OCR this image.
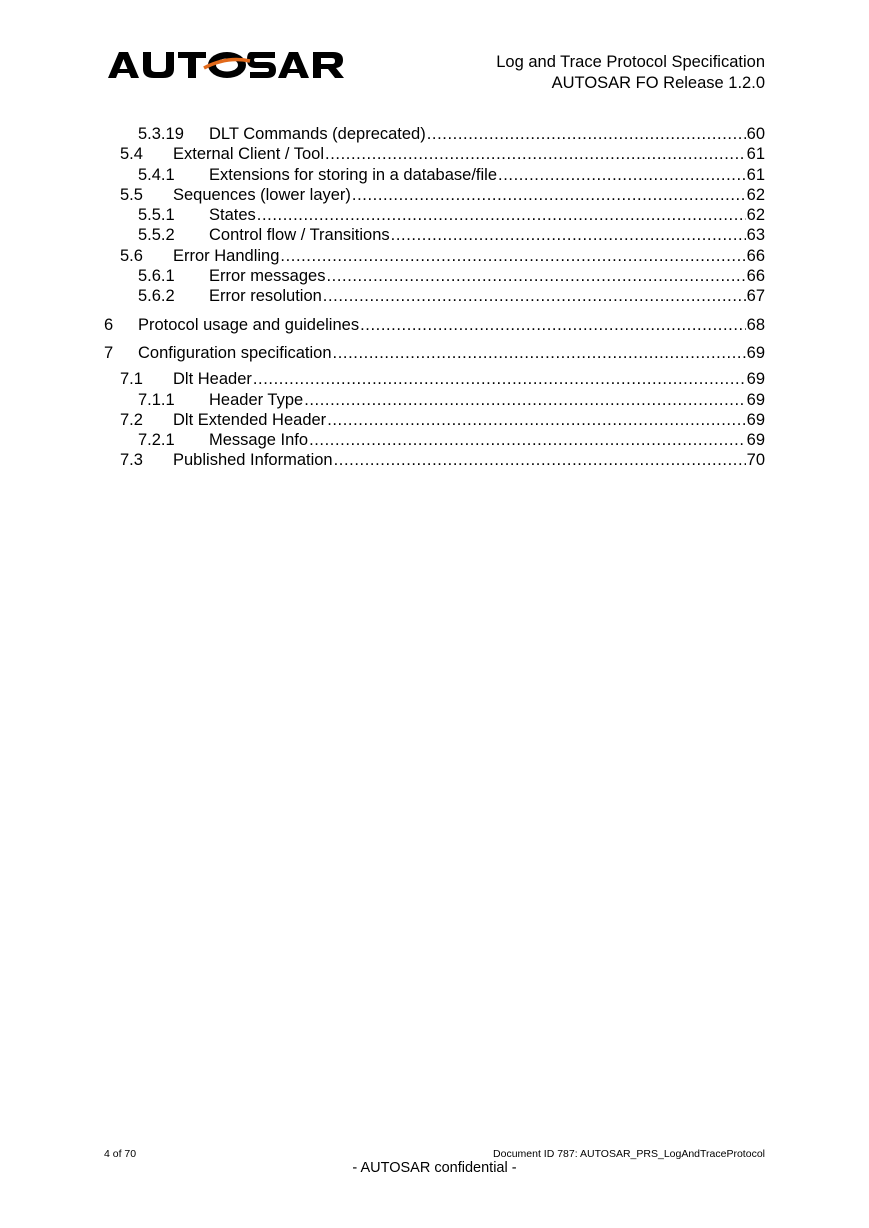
Log and Trace Protocol Specification
AUTOSAR FO Release 1.2.0
5.3.19	DLT Commands (deprecated) .....	60
5.4	External Client / Tool .....	61
5.4.1	Extensions for storing in a database/file .....	61
5.5	Sequences (lower layer) .....	62
5.5.1	States .....	62
5.5.2	Control flow / Transitions .....	63
5.6	Error Handling .....	66
5.6.1	Error messages .....	66
5.6.2	Error resolution .....	67
6	Protocol usage and guidelines .....	68
7	Configuration specification .....	69
7.1	Dlt Header .....	69
7.1.1	Header Type .....	69
7.2	Dlt Extended Header .....	69
7.2.1	Message Info .....	69
7.3	Published Information .....	70
4 of 70	Document ID 787: AUTOSAR_PRS_LogAndTraceProtocol
- AUTOSAR confidential -
